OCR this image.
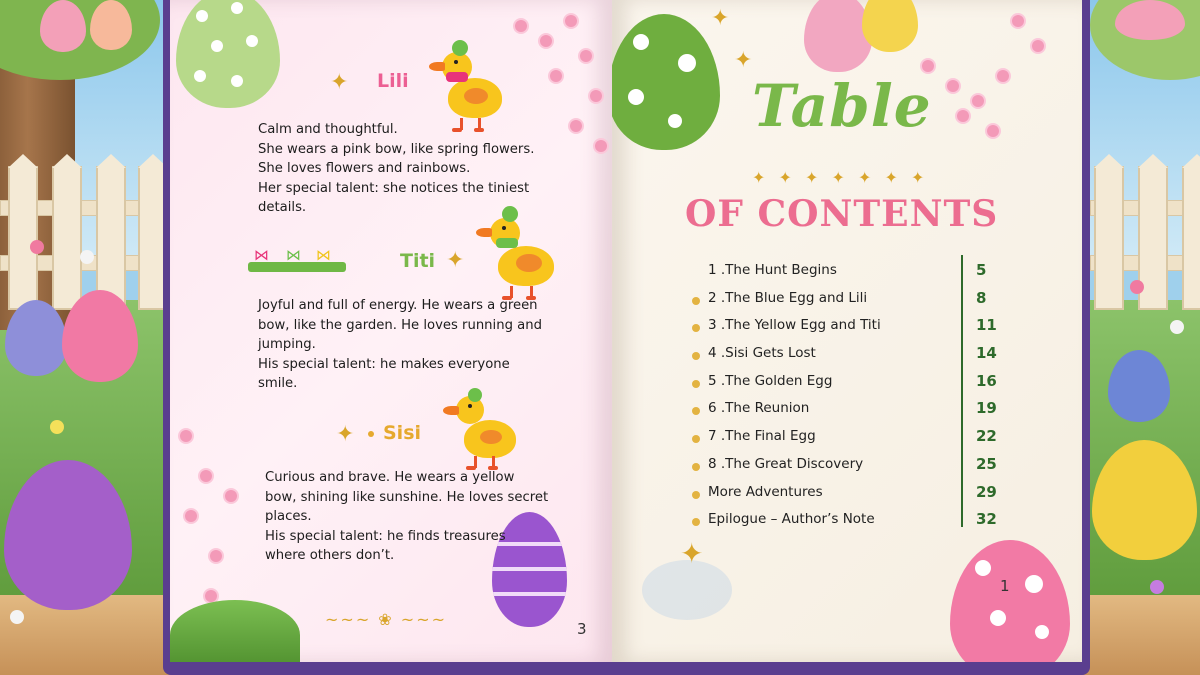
✦ Lili
Calm and thoughtful.
She wears a pink bow, like spring flowers.
She loves flowers and rainbows.
Her special talent: she notices the tiniest
details.
⋈ ⋈ ⋈	Titi ✦
Joyful and full of energy. He wears a green
bow, like the garden. He loves running and
jumping.
His special talent: he makes everyone
smile.
✦ Sisi
Curious and brave. He wears a yellow
bow, shining like sunshine. He loves secret
places.
His special talent: he finds treasures
where others don’t.
~~~ ❀ ~~~	3
✦
✦
✦
Table
✦ ✦ ✦ ✦ ✦ ✦ ✦
OF CONTENTS
1 .The Hunt Begins	5
2 .The Blue Egg and Lili	8
3 .The Yellow Egg and Titi	11
4 .Sisi Gets Lost	14
5 .The Golden Egg	16
6 .The Reunion	19
7 .The Final Egg	22
8 .The Great Discovery	25
More Adventures	29
Epilogue – Author’s Note	32
1
